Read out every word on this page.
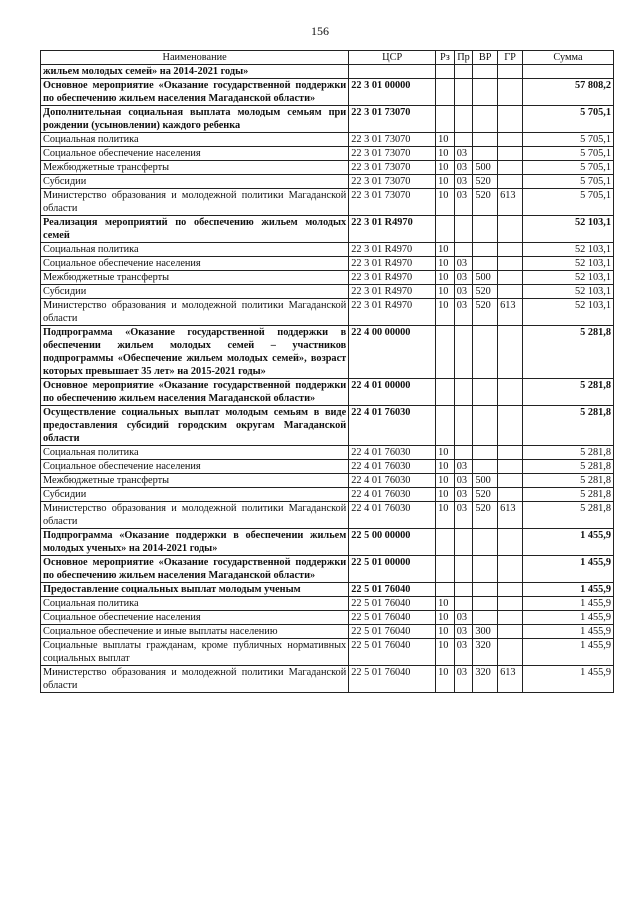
156
Наименование	ЦСР	Рз	Пр	ВР	ГР	Сумма
жильем молодых семей» на 2014-2021 годы»						
Основное мероприятие «Оказание государственной поддержки по обеспечению жильем населения Магаданской области»	22 3 01 00000					57 808,2
Дополнительная социальная выплата молодым семьям при рождении (усыновлении) каждого ребенка	22 3 01 73070					5 705,1
Социальная политика	22 3 01 73070	10				5 705,1
Социальное обеспечение населения	22 3 01 73070	10	03			5 705,1
Межбюджетные трансферты	22 3 01 73070	10	03	500		5 705,1
Субсидии	22 3 01 73070	10	03	520		5 705,1
Министерство образования и молодежной политики Магаданской области	22 3 01 73070	10	03	520	613	5 705,1
Реализация мероприятий по обеспечению жильем молодых семей	22 3 01 R4970					52 103,1
Социальная политика	22 3 01 R4970	10				52 103,1
Социальное обеспечение населения	22 3 01 R4970	10	03			52 103,1
Межбюджетные трансферты	22 3 01 R4970	10	03	500		52 103,1
Субсидии	22 3 01 R4970	10	03	520		52 103,1
Министерство образования и молодежной политики Магаданской области	22 3 01 R4970	10	03	520	613	52 103,1
Подпрограмма «Оказание государственной поддержки в обеспечении жильем молодых семей – участников подпрограммы «Обеспечение жильем молодых семей», возраст которых превышает 35 лет» на 2015-2021 годы»	22 4 00 00000					5 281,8
Основное мероприятие «Оказание государственной поддержки по обеспечению жильем населения Магаданской области»	22 4 01 00000					5 281,8
Осуществление социальных выплат молодым семьям в виде предоставления субсидий городским округам Магаданской области	22 4 01 76030					5 281,8
Социальная политика	22 4 01 76030	10				5 281,8
Социальное обеспечение населения	22 4 01 76030	10	03			5 281,8
Межбюджетные трансферты	22 4 01 76030	10	03	500		5 281,8
Субсидии	22 4 01 76030	10	03	520		5 281,8
Министерство образования и молодежной политики Магаданской области	22 4 01 76030	10	03	520	613	5 281,8
Подпрограмма «Оказание поддержки в обеспечении жильем молодых ученых» на 2014-2021 годы»	22 5 00 00000					1 455,9
Основное мероприятие «Оказание государственной поддержки по обеспечению жильем населения Магаданской области»	22 5 01 00000					1 455,9
Предоставление социальных выплат молодым ученым	22 5 01 76040					1 455,9
Социальная политика	22 5 01 76040	10				1 455,9
Социальное обеспечение населения	22 5 01 76040	10	03			1 455,9
Социальное обеспечение и иные выплаты населению	22 5 01 76040	10	03	300		1 455,9
Социальные выплаты гражданам, кроме публичных нормативных социальных выплат	22 5 01 76040	10	03	320		1 455,9
Министерство образования и молодежной политики Магаданской области	22 5 01 76040	10	03	320	613	1 455,9
